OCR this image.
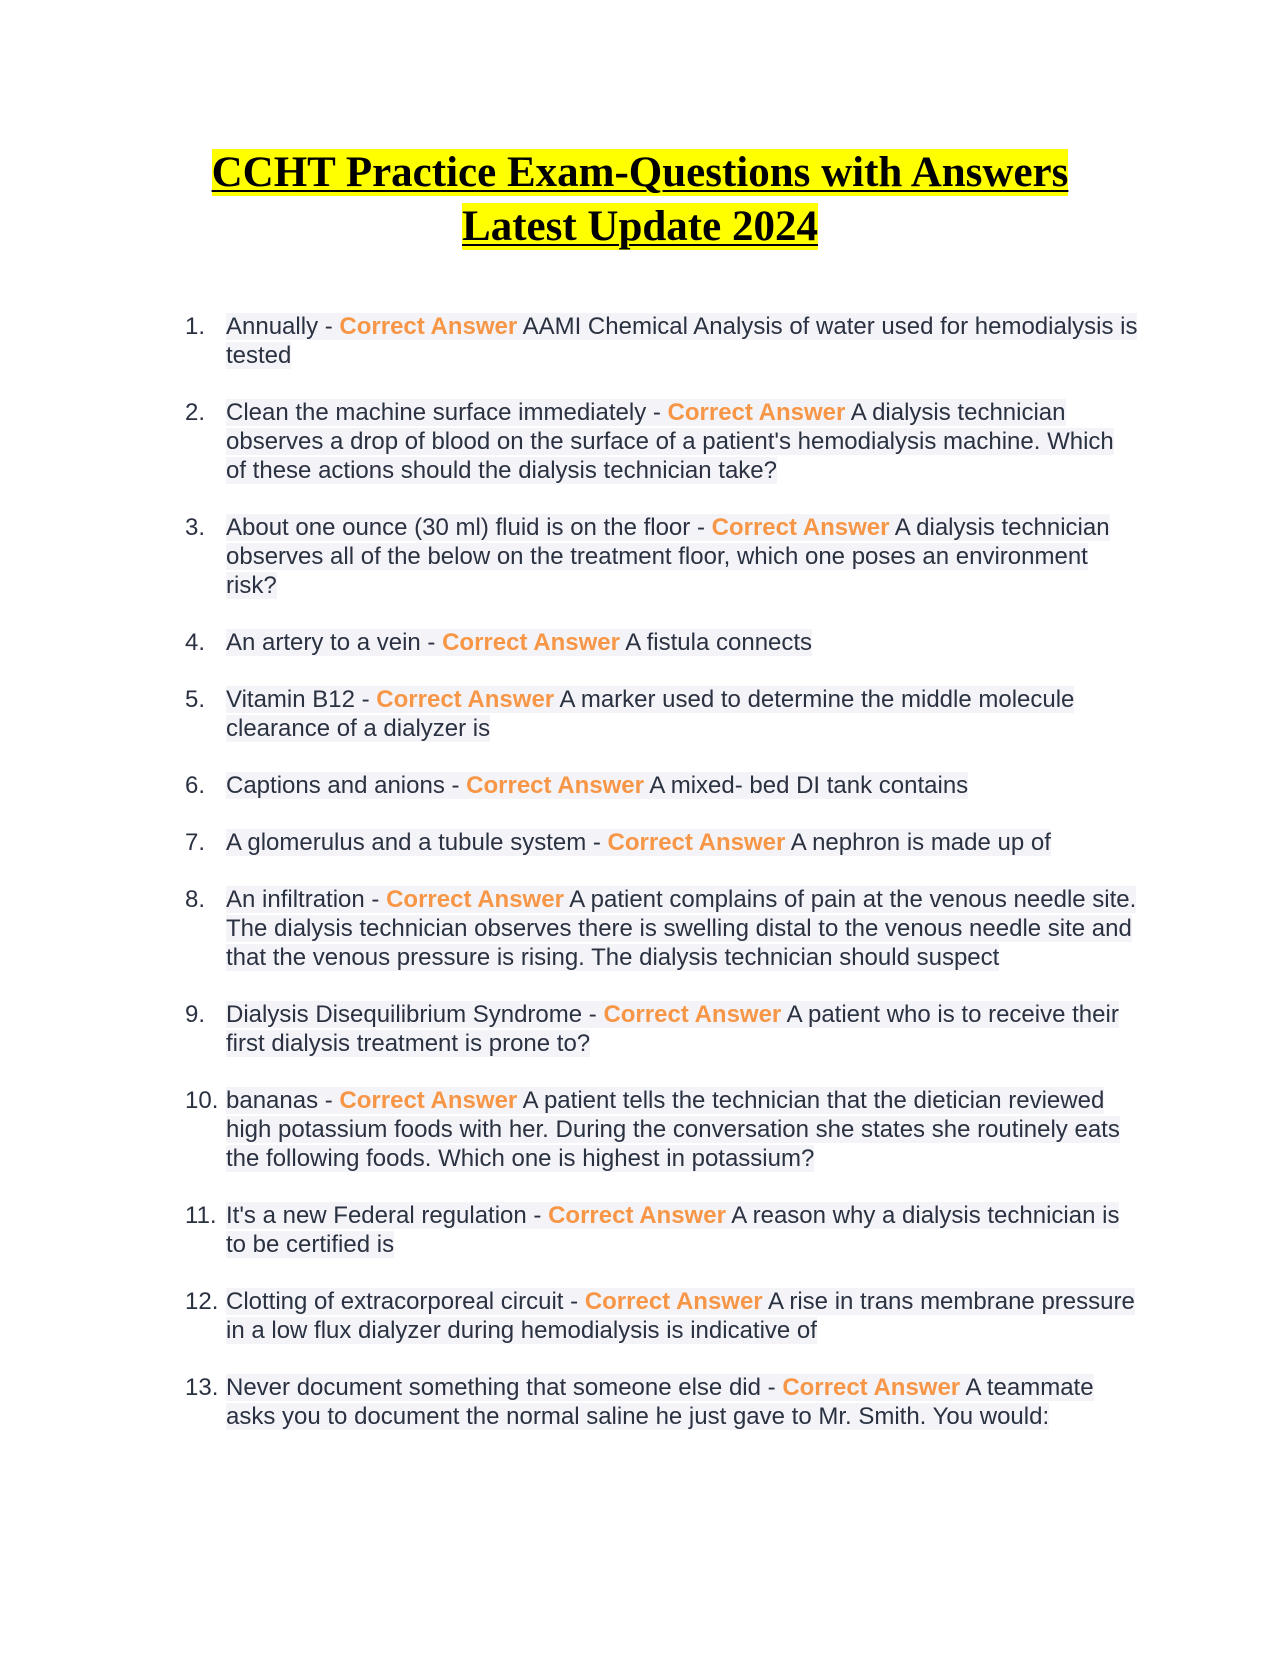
CCHT Practice Exam-Questions with Answers
Latest Update 2024
1. Annually - Correct Answer AAMI Chemical Analysis of water used for hemodialysis is tested
2. Clean the machine surface immediately - Correct Answer A dialysis technician observes a drop of blood on the surface of a patient's hemodialysis machine. Which of these actions should the dialysis technician take?
3. About one ounce (30 ml) fluid is on the floor - Correct Answer A dialysis technician observes all of the below on the treatment floor, which one poses an environment risk?
4. An artery to a vein - Correct Answer A fistula connects
5. Vitamin B12 - Correct Answer A marker used to determine the middle molecule clearance of a dialyzer is
6. Captions and anions - Correct Answer A mixed- bed DI tank contains
7. A glomerulus and a tubule system - Correct Answer A nephron is made up of
8. An infiltration - Correct Answer A patient complains of pain at the venous needle site. The dialysis technician observes there is swelling distal to the venous needle site and that the venous pressure is rising. The dialysis technician should suspect
9. Dialysis Disequilibrium Syndrome - Correct Answer A patient who is to receive their first dialysis treatment is prone to?
10. bananas - Correct Answer A patient tells the technician that the dietician reviewed high potassium foods with her. During the conversation she states she routinely eats the following foods. Which one is highest in potassium?
11. It's a new Federal regulation - Correct Answer A reason why a dialysis technician is to be certified is
12. Clotting of extracorporeal circuit - Correct Answer A rise in trans membrane pressure in a low flux dialyzer during hemodialysis is indicative of
13. Never document something that someone else did - Correct Answer A teammate asks you to document the normal saline he just gave to Mr. Smith. You would:
